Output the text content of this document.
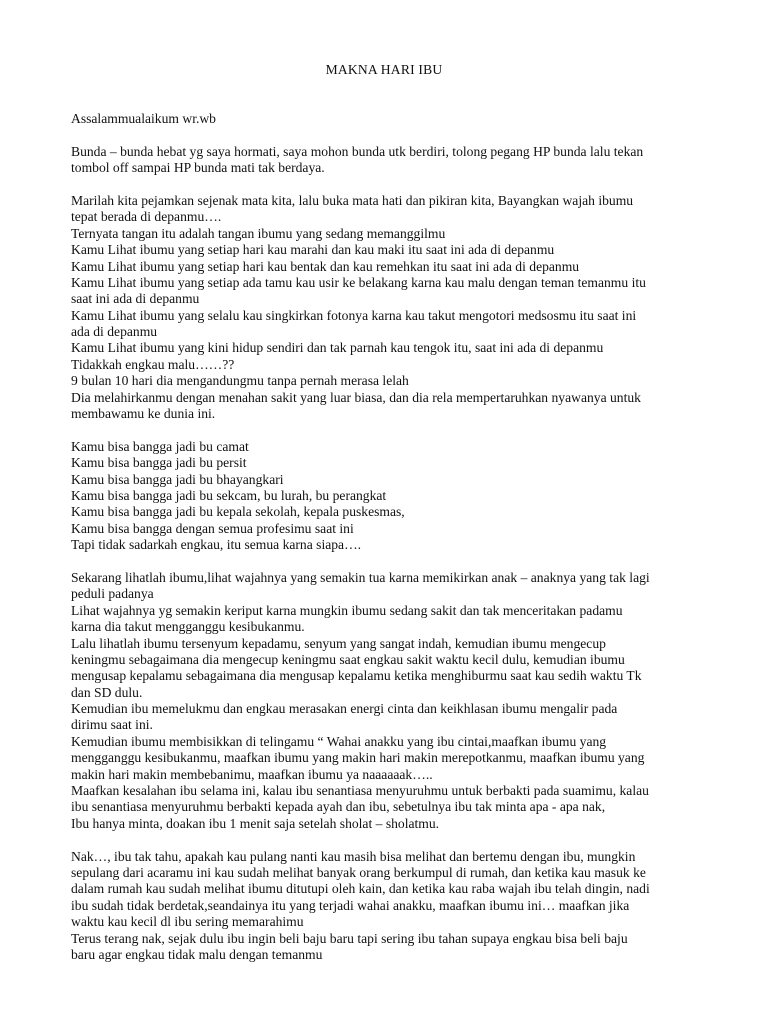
MAKNA HARI IBU
Assalammualaikum wr.wb
Bunda – bunda hebat yg saya hormati, saya mohon bunda utk berdiri, tolong pegang HP bunda lalu tekan
tombol off sampai HP bunda mati tak berdaya.
Marilah kita pejamkan sejenak mata kita, lalu buka mata hati dan pikiran kita, Bayangkan wajah ibumu
tepat berada di depanmu….
Ternyata tangan itu adalah tangan ibumu yang sedang memanggilmu
Kamu Lihat ibumu yang setiap hari kau marahi dan kau maki itu saat ini ada di depanmu
Kamu Lihat ibumu yang setiap hari kau bentak dan kau remehkan itu saat ini ada di depanmu
Kamu Lihat ibumu yang setiap ada tamu kau usir ke belakang karna kau malu dengan teman temanmu itu
saat ini ada di depanmu
Kamu Lihat ibumu yang selalu kau singkirkan fotonya karna kau takut mengotori medsosmu itu saat ini
ada di depanmu
Kamu Lihat ibumu yang kini hidup sendiri dan tak parnah kau tengok itu, saat ini ada di depanmu
Tidakkah engkau malu……??
9 bulan 10 hari dia mengandungmu tanpa pernah merasa lelah
Dia melahirkanmu dengan menahan sakit yang luar biasa, dan dia rela mempertaruhkan nyawanya untuk
membawamu ke dunia ini.
Kamu bisa bangga jadi bu camat
Kamu bisa bangga jadi bu persit
Kamu bisa bangga jadi bu bhayangkari
Kamu bisa bangga jadi bu sekcam, bu lurah, bu perangkat
Kamu bisa bangga jadi bu kepala sekolah, kepala puskesmas,
Kamu bisa bangga dengan semua profesimu saat ini
Tapi tidak sadarkah engkau, itu semua karna siapa….
Sekarang lihatlah ibumu,lihat wajahnya yang semakin tua karna memikirkan anak – anaknya yang tak lagi
peduli padanya
Lihat wajahnya yg semakin keriput karna mungkin ibumu sedang sakit dan tak menceritakan padamu
karna dia takut mengganggu kesibukanmu.
Lalu lihatlah ibumu tersenyum kepadamu, senyum yang sangat indah, kemudian ibumu mengecup
keningmu sebagaimana dia mengecup keningmu saat engkau sakit waktu kecil dulu, kemudian ibumu
mengusap kepalamu sebagaimana dia mengusap kepalamu ketika menghiburmu saat kau sedih waktu Tk
dan SD dulu.
Kemudian ibu memelukmu dan engkau merasakan energi cinta dan keikhlasan ibumu mengalir pada
dirimu saat ini.
Kemudian ibumu membisikkan di telingamu “ Wahai anakku yang ibu cintai,maafkan ibumu yang
mengganggu kesibukanmu, maafkan ibumu yang makin hari makin merepotkanmu, maafkan ibumu yang
makin hari makin membebanimu, maafkan ibumu ya naaaaaak…..
Maafkan kesalahan ibu selama ini, kalau ibu senantiasa menyuruhmu untuk berbakti pada suamimu, kalau
ibu senantiasa menyuruhmu berbakti kepada ayah dan ibu, sebetulnya ibu tak minta apa - apa nak,
Ibu hanya minta, doakan ibu 1 menit saja setelah sholat – sholatmu.
Nak…, ibu tak tahu, apakah kau pulang nanti kau masih bisa melihat dan bertemu dengan ibu, mungkin
sepulang dari acaramu ini kau sudah melihat banyak orang berkumpul di rumah, dan ketika kau masuk ke
dalam rumah kau sudah melihat ibumu ditutupi oleh kain, dan ketika kau raba wajah ibu telah dingin, nadi
ibu sudah tidak berdetak,seandainya itu yang terjadi wahai anakku, maafkan ibumu ini… maafkan jika
waktu kau kecil dl ibu sering memarahimu
Terus terang nak, sejak dulu ibu ingin beli baju baru tapi sering ibu tahan supaya engkau bisa beli baju
baru agar engkau tidak malu dengan temanmu
